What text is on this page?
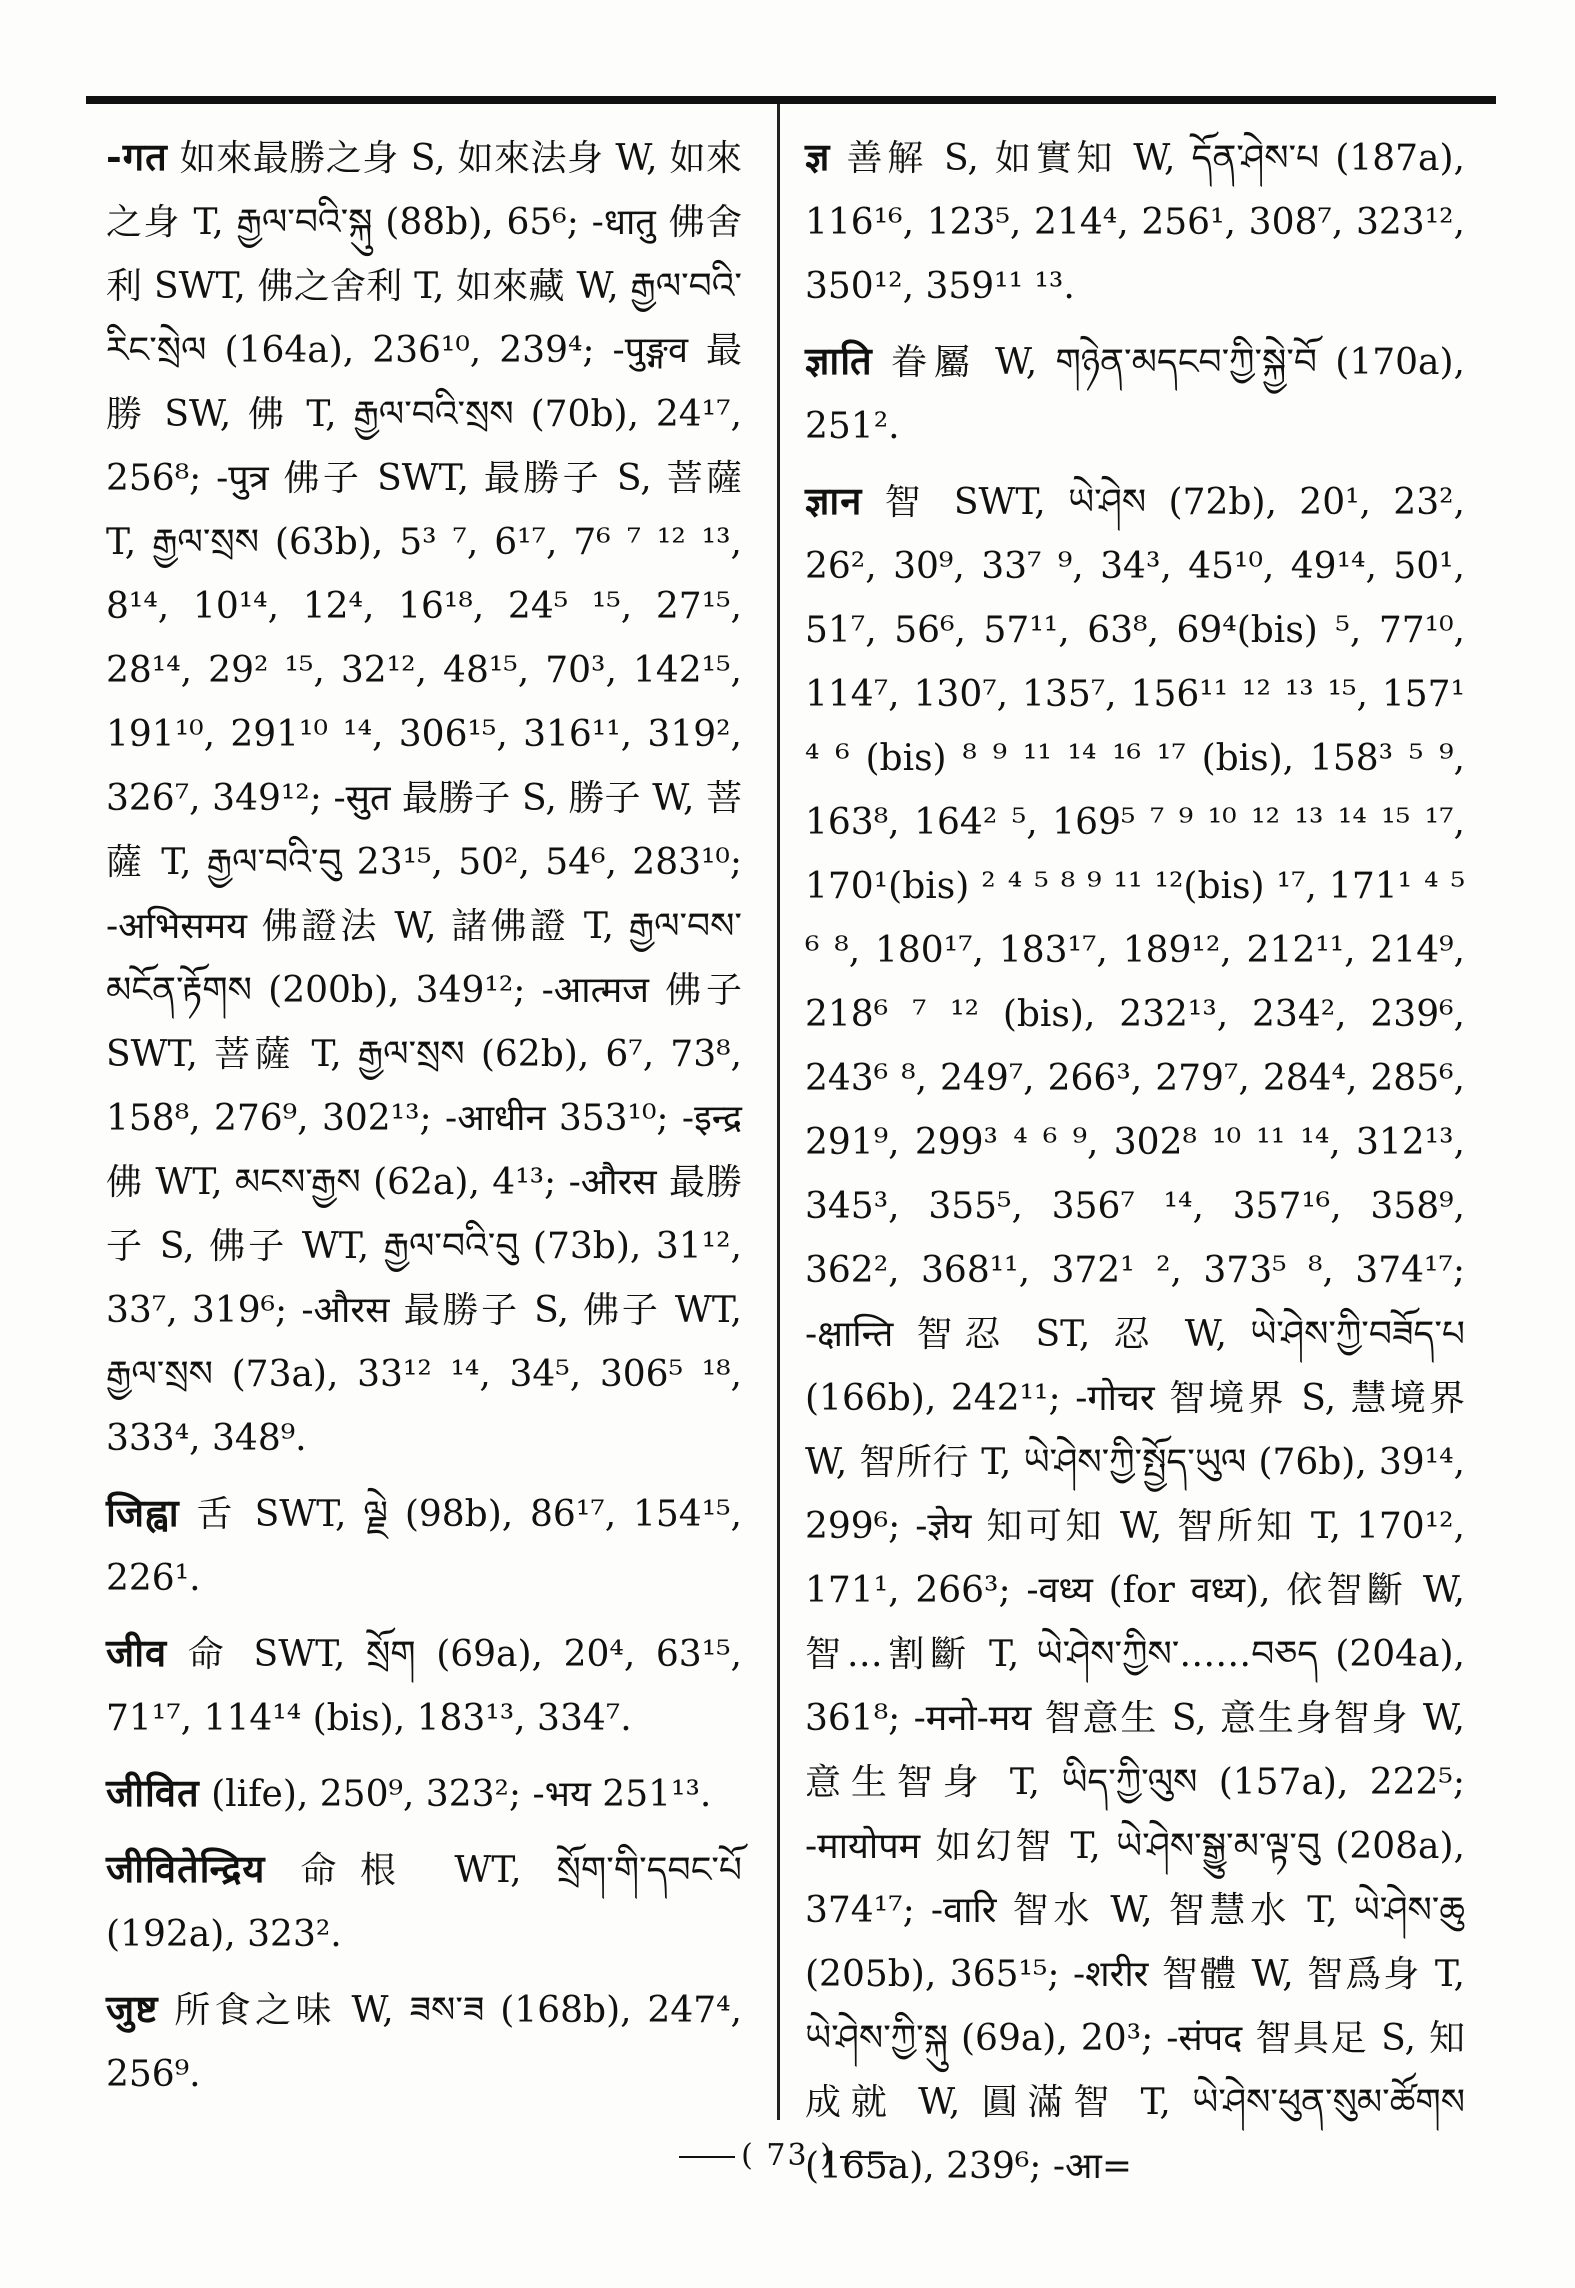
-गत 如來最勝之身 S, 如來法身 W, 如來之身 T, རྒྱལ་བའི་སྐུ (88b), 65⁶; -धातु 佛舍利 SWT, 佛之舍利 T, 如來藏 W, རྒྱལ་བའི་རིང་སྲེལ (164a), 236¹⁰, 239⁴; -पुङ्गव 最勝 SW, 佛 T, རྒྱལ་བའི་སྲས (70b), 24¹⁷, 256⁸; -पुत्र 佛子 SWT, 最勝子 S, 菩薩 T, རྒྱལ་སྲས (63b), 5³ ⁷, 6¹⁷, 7⁶ ⁷ ¹² ¹³, 8¹⁴, 10¹⁴, 12⁴, 16¹⁸, 24⁵ ¹⁵, 27¹⁵, 28¹⁴, 29² ¹⁵, 32¹², 48¹⁵, 70³, 142¹⁵, 191¹⁰, 291¹⁰ ¹⁴, 306¹⁵, 316¹¹, 319², 326⁷, 349¹²; -सुत 最勝子 S, 勝子 W, 菩薩 T, རྒྱལ་བའི་བུ 23¹⁵, 50², 54⁶, 283¹⁰; -अभिसमय 佛證法 W, 諸佛證 T, རྒྱལ་བས་མངོན་རྟོགས (200b), 349¹²; -आत्मज 佛子 SWT, 菩薩 T, རྒྱལ་སྲས (62b), 6⁷, 73⁸, 158⁸, 276⁹, 302¹³; -आधीन 353¹⁰; -इन्द्र 佛 WT, མངས་རྒྱས (62a), 4¹³; -औरस 最勝子 S, 佛子 WT, རྒྱལ་བའི་བུ (73b), 31¹², 33⁷, 319⁶; -औरस 最勝子 S, 佛子 WT, རྒྱལ་སྲས (73a), 33¹² ¹⁴, 34⁵, 306⁵ ¹⁸, 333⁴, 348⁹.

जिह्वा 舌 SWT, ལྗེ (98b), 86¹⁷, 154¹⁵, 226¹.

जीव 命 SWT, སྲོག (69a), 20⁴, 63¹⁵, 71¹⁷, 114¹⁴ (bis), 183¹³, 334⁷.

जीवित (life), 250⁹, 323²; -भय 251¹³.

जीवितेन्द्रिय 命根 WT, སྲོག་གི་དབང་པོ (192a), 323².

जुष्ट 所食之味 W, ཟས་ཟ (168b), 247⁴, 256⁹.

ज्ञ 善解 S, 如實知 W, དོན་ཤེས་པ (187a), 116¹⁶, 123⁵, 214⁴, 256¹, 308⁷, 323¹², 350¹², 359¹¹ ¹³.

ज्ञाति 眷屬 W, གཉེན་མདངབ་ཀྱི་སྐྱེ་བོ (170a), 251².

ज्ञान 智 SWT, ཡེ་ཤེས (72b), 20¹, 23², 26², 30⁹, 33⁷ ⁹, 34³, 45¹⁰, 49¹⁴, 50¹, 51⁷, 56⁶, 57¹¹, 63⁸, 69⁴(bis) ⁵, 77¹⁰, 114⁷, 130⁷, 135⁷, 156¹¹ ¹² ¹³ ¹⁵, 157¹ ⁴ ⁶ (bis) ⁸ ⁹ ¹¹ ¹⁴ ¹⁶ ¹⁷ (bis), 158³ ⁵ ⁹, 163⁸, 164² ⁵, 169⁵ ⁷ ⁹ ¹⁰ ¹² ¹³ ¹⁴ ¹⁵ ¹⁷, 170¹(bis) ² ⁴ ⁵ ⁸ ⁹ ¹¹ ¹²(bis) ¹⁷, 171¹ ⁴ ⁵ ⁶ ⁸, 180¹⁷, 183¹⁷, 189¹², 212¹¹, 214⁹, 218⁶ ⁷ ¹² (bis), 232¹³, 234², 239⁶, 243⁶ ⁸, 249⁷, 266³, 279⁷, 284⁴, 285⁶, 291⁹, 299³ ⁴ ⁶ ⁹, 302⁸ ¹⁰ ¹¹ ¹⁴, 312¹³, 345³, 355⁵, 356⁷ ¹⁴, 357¹⁶, 358⁹, 362², 368¹¹, 372¹ ², 373⁵ ⁸, 374¹⁷; -क्षान्ति 智忍 ST, 忍 W, ཡེ་ཤེས་ཀྱི་བཟོད་པ (166b), 242¹¹; -गोचर 智境界 S, 慧境界 W, 智所行 T, ཡེ་ཤེས་ཀྱི་སྤྱོད་ཡུལ (76b), 39¹⁴, 299⁶; -ज्ञेय 知可知 W, 智所知 T, 170¹², 171¹, 266³; -वध्य (for वध्य), 依智斷 W, 智…割斷 T, ཡེ་ཤེས་ཀྱིས་……བཅད (204a), 361⁸; -मनो-मय 智意生 S, 意生身智身 W, 意生智身 T, ཡིད་ཀྱི་ལུས (157a), 222⁵; -मायोपम 如幻智 T, ཡེ་ཤེས་སྒྱུ་མ་ལྟ་བུ (208a), 374¹⁷; -वारि 智水 W, 智慧水 T, ཡེ་ཤེས་ཆུ (205b), 365¹⁵; -शरीर 智體 W, 智爲身 T, ཡེ་ཤེས་ཀྱི་སྐུ (69a), 20³; -संपद 智具足 S, 知成就 W, 圓滿智 T, ཡེ་ཤེས་ཕུན་སུམ་ཚོགས (165a), 239⁶; -आ=

( 73 )
